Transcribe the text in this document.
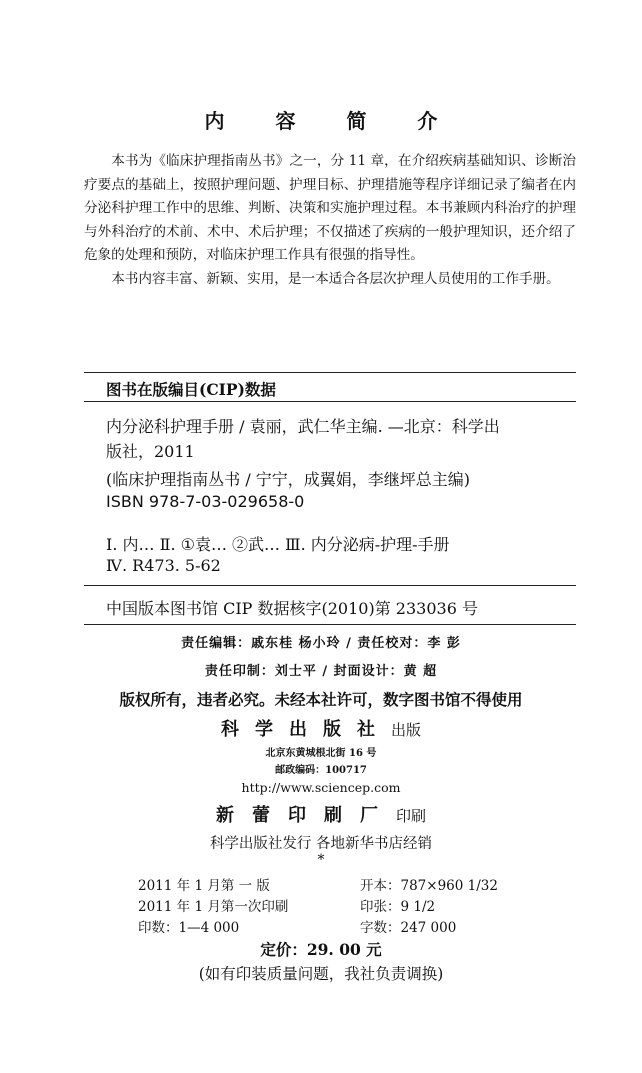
内 容 简 介

本书为《临床护理指南丛书》之一，分 11 章，在介绍疾病基础知识、诊断治疗要点的基础上，按照护理问题、护理目标、护理措施等程序详细记录了编者在内分泌科护理工作中的思维、判断、决策和实施护理过程。本书兼顾内科治疗的护理与外科治疗的术前、术中、术后护理；不仅描述了疾病的一般护理知识，还介绍了危象的处理和预防，对临床护理工作具有很强的指导性。

本书内容丰富、新颖、实用，是一本适合各层次护理人员使用的工作手册。

图书在版编目(CIP)数据
内分泌科护理手册 / 袁丽，武仁华主编. —北京：科学出
版社，2011
(临床护理指南丛书 / 宁宁，成翼娟，李继坪总主编)
ISBN 978-7-03-029658-0
Ⅰ. 内… Ⅱ. ①袁… ②武… Ⅲ. 内分泌病-护理-手册
Ⅳ. R473. 5-62
中国版本图书馆 CIP 数据核字(2010)第 233036 号
责任编辑：戚东桂 杨小玲 / 责任校对：李 彭
责任印制：刘士平 / 封面设计：黄 超
版权所有，违者必究。未经本社许可，数字图书馆不得使用
科学出版社出版
北京东黄城根北街 16 号
邮政编码：100717
http://www.sciencep.com
新蕾印刷厂印刷
科学出版社发行 各地新华书店经销
*
2011 年 1 月第 一 版	开本：787×960 1/32
2011 年 1 月第一次印刷	印张：9 1/2
印数：1—4 000	字数：247 000
定价：29. 00 元
(如有印装质量问题，我社负责调换)
